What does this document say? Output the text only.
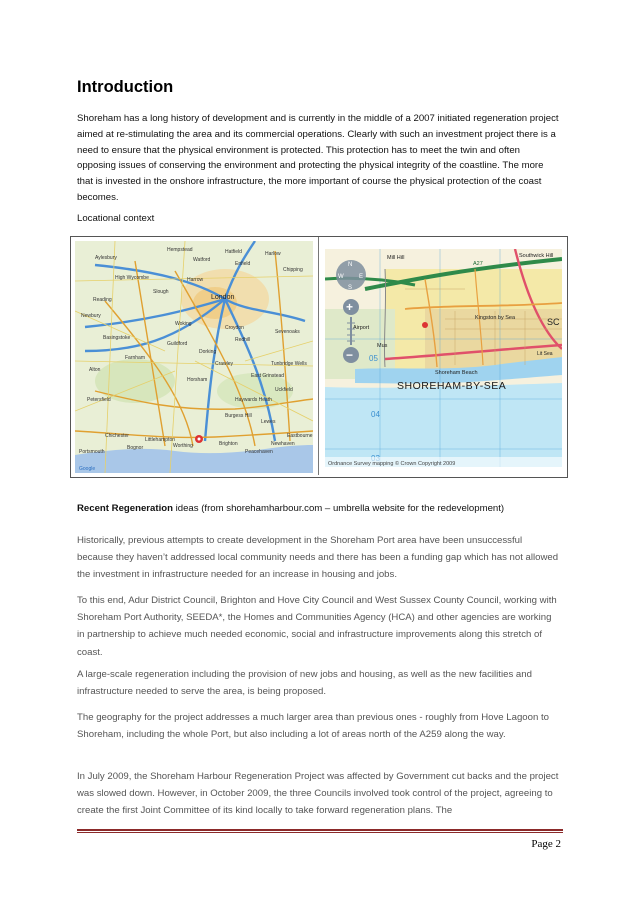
Introduction

Shoreham has a long history of development and is currently in the middle of a 2007 initiated regeneration project aimed at re-stimulating the area and its commercial operations. Clearly with such an investment project there is a need to ensure that the physical environment is protected. This protection has to meet the twin and often opposing issues of conserving the environment and protecting the physical integrity of the coastline. The more that is invested in the onshore infrastructure, the more important of course the physical protection of the coast becomes.

Locational context

Hempstead
Harlow
Watford
Enfield
Aylesbury
Chipping
Harrow
Hatfield
High Wycombe
Slough
Reading
Newbury
London
Croydon
Woking
Guildford
Basingstoke
Crawley
Horsham
Haywards Heath
Burgess Hill
Chichester
Portsmouth
Worthing	Brighton
Peacehaven
Newhaven
Eastbourne
Tunbridge Wells
Sevenoaks
Uckfield
Lewes
Bognor
Littlehampton
Petersfield
Alton
Farnham
Dorking
Redhill
East Grinstead
Google
Mill Hill
Airport
Shoreham Beach
Kingston by Sea
Southwick Hill
A27
Lit Sea
SC
Mus
SHOREHAM-BY-SEA
05
04
N
W	E
S
+
−
Ordnance Survey mapping © Crown Copyright 2009

Recent Regeneration ideas (from shorehamharbour.com – umbrella website for the redevelopment)

Historically, previous attempts to create development in the Shoreham Port area have been unsuccessful because they haven’t addressed local community needs and there has been a funding gap which has not allowed the investment in infrastructure needed for an increase in housing and jobs.

To this end, Adur District Council, Brighton and Hove City Council and West Sussex County Council, working with Shoreham Port Authority, SEEDA*, the Homes and Communities Agency (HCA) and other agencies are working in partnership to achieve much needed economic, social and infrastructure improvements along this stretch of coast.

A large-scale regeneration including the provision of new jobs and housing, as well as the new facilities and infrastructure needed to serve the area, is being proposed.

The geography for the project addresses a much larger area than previous ones - roughly from Hove Lagoon to Shoreham, including the whole Port, but also including a lot of areas north of the A259 along the way.

In July 2009, the Shoreham Harbour Regeneration Project was affected by Government cut backs and the project was slowed down. However, in October 2009, the three Councils involved took control of the project, agreeing to create the first Joint Committee of its kind locally to take forward regeneration plans. The

Page 2
